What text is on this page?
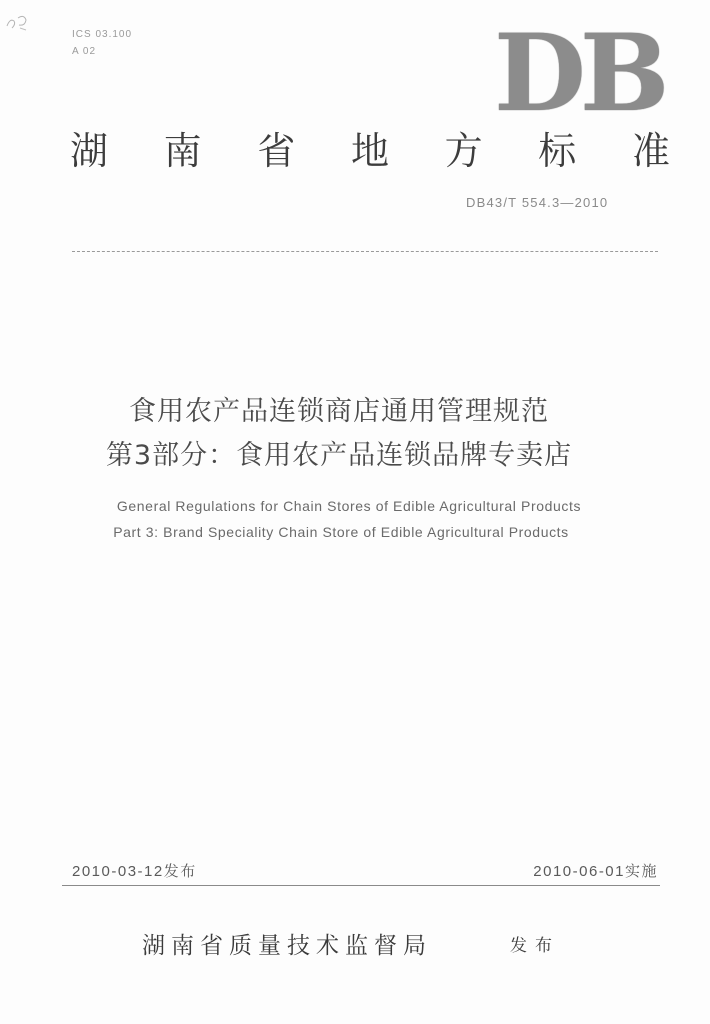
ICS 03.100
A 02	DB
湖 南 省 地 方 标 准
DB43/T 554.3—2010
食用农产品连锁商店通用管理规范
第3部分：食用农产品连锁品牌专卖店
General Regulations for Chain Stores of Edible Agricultural Products
Part 3: Brand Speciality Chain Store of Edible Agricultural Products
2010-03-12发布	2010-06-01实施
湖南省质量技术监督局	发布
